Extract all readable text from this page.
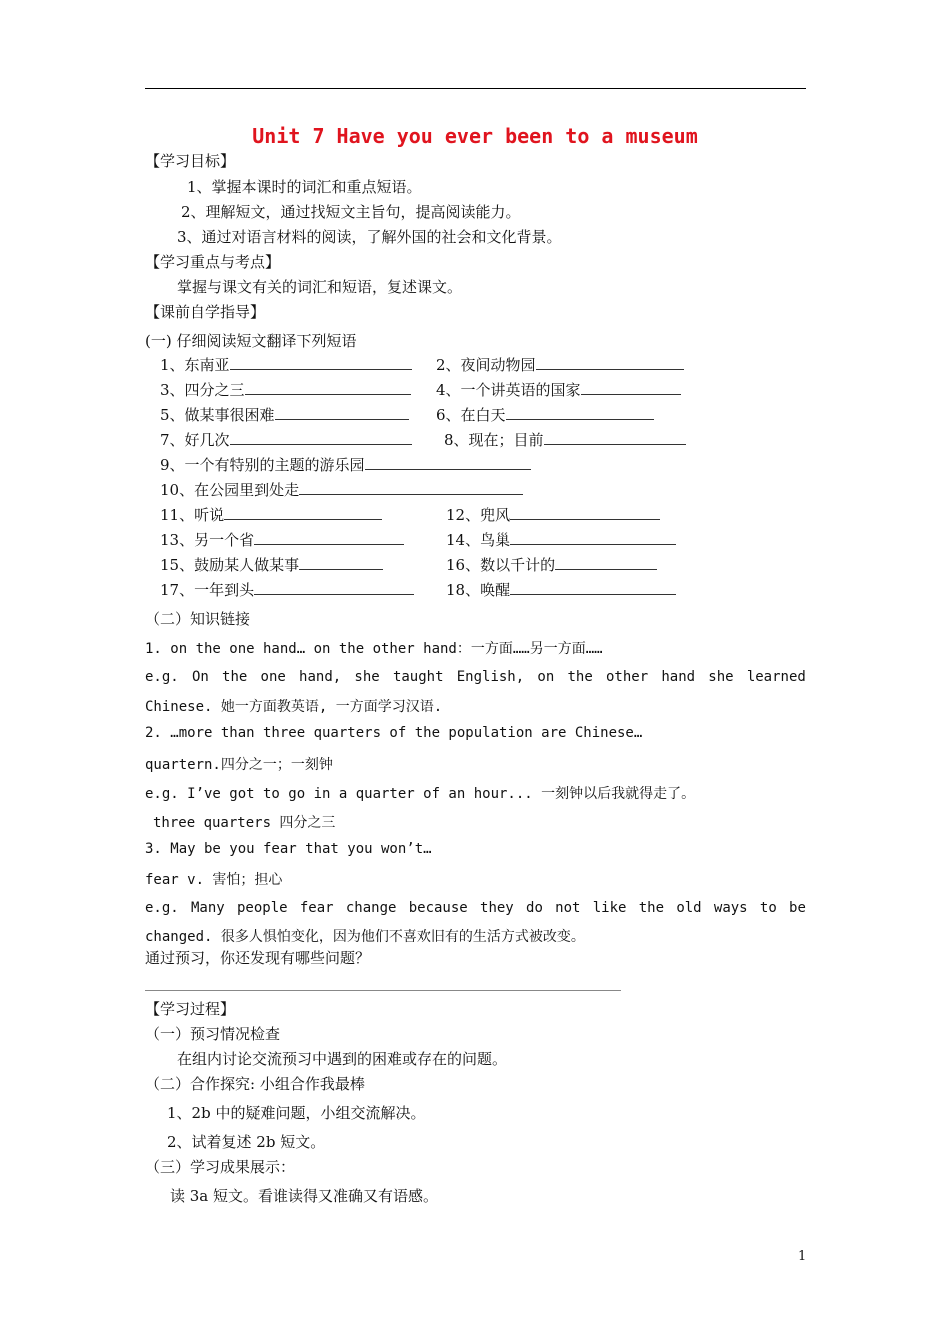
Unit 7 Have you ever been to a museum
【学习目标】
1、掌握本课时的词汇和重点短语。
2、理解短文，通过找短文主旨句，提高阅读能力。
3、通过对语言材料的阅读，了解外国的社会和文化背景。
【学习重点与考点】
掌握与课文有关的词汇和短语，复述课文。
【课前自学指导】
(一) 仔细阅读短文翻译下列短语
1、东南亚	2、夜间动物园
3、四分之三	4、一个讲英语的国家
5、做某事很困难	6、在白天
7、好几次	8、现在；目前
9、一个有特别的主题的游乐园
10、在公园里到处走
11、听说	12、兜风
13、另一个省	14、鸟巢
15、鼓励某人做某事	16、数以千计的
17、一年到头	18、唤醒
（二）知识链接
1. on the one hand… on the other hand：一方面……另一方面……
e.g. On the one hand, she taught English, on the other hand she learned
Chinese. 她一方面教英语, 一方面学习汉语.
2. …more than three quarters of the population are Chinese…
quartern.四分之一；一刻钟
e.g. I’ve got to go in a quarter of an hour... 一刻钟以后我就得走了。
three quarters 四分之三
3. May be you fear that you won’t…
fear v. 害怕；担心
e.g. Many people fear change because they do not like the old ways to be
changed. 很多人惧怕变化，因为他们不喜欢旧有的生活方式被改变。
通过预习，你还发现有哪些问题？
【学习过程】
（一）预习情况检查
在组内讨论交流预习中遇到的困难或存在的问题。
（二）合作探究: 小组合作我最棒
1、2b 中的疑难问题，小组交流解决。
2、试着复述 2b 短文。
（三）学习成果展示：
读 3a 短文。看谁读得又准确又有语感。
1
